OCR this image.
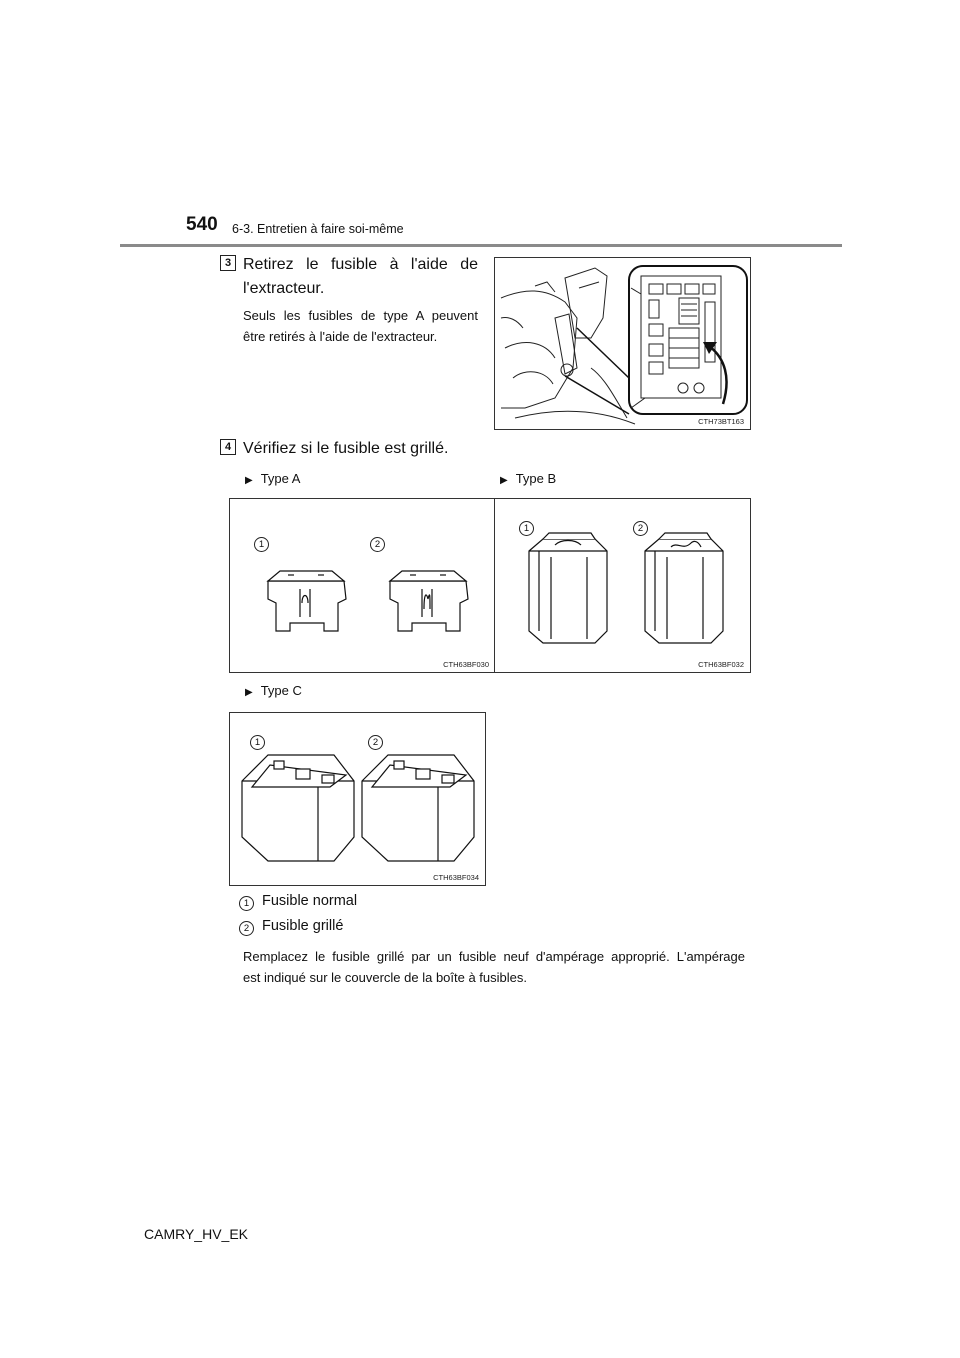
540 6-3. Entretien à faire soi-même
3 Retirez le fusible à l'aide de
l'extracteur.
Seuls les fusibles de type A peuvent
être retirés à l'aide de l'extracteur.
CTH73BT163
4 Vérifiez si le fusible est grillé.
▶ Type A	▶ Type B
1	2
CTH63BF030
1	2
CTH63BF032
▶ Type C
1	2
CTH63BF034
1 Fusible normal
2 Fusible grillé
Remplacez le fusible grillé par un fusible neuf d'ampérage approprié. L'ampérage
est indiqué sur le couvercle de la boîte à fusibles.
CAMRY_HV_EK
